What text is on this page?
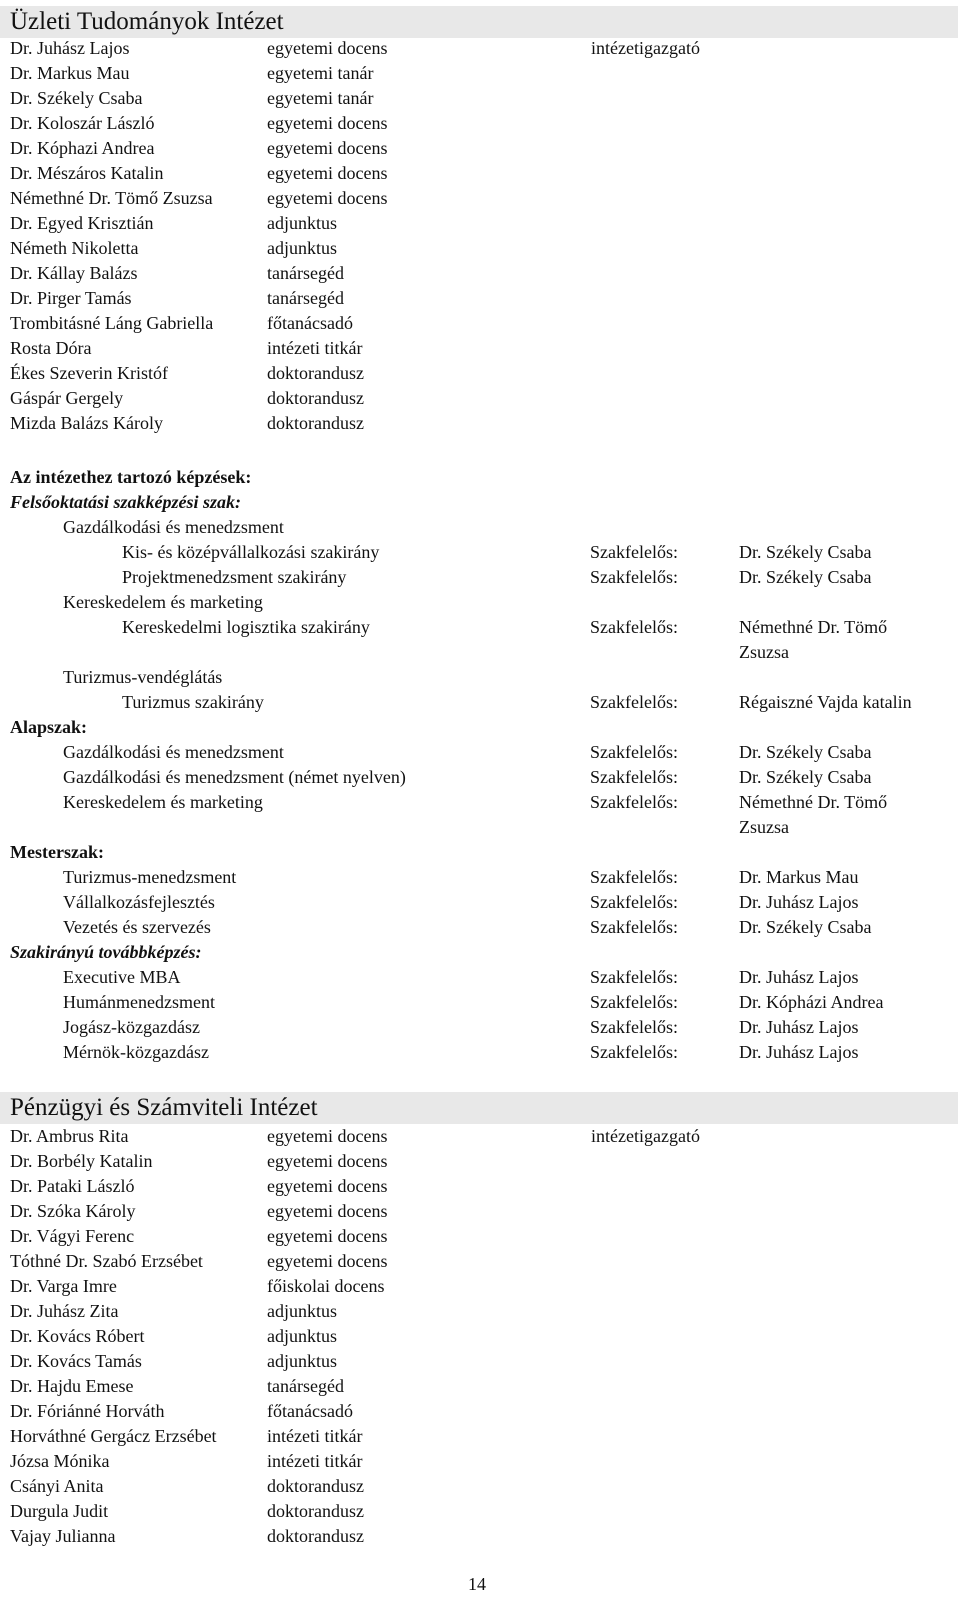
Üzleti Tudományok Intézet
Dr. Juhász Lajos	egyetemi docens	intézetigazgató
Dr. Markus Mau	egyetemi tanár
Dr. Székely Csaba	egyetemi tanár
Dr. Koloszár László	egyetemi docens
Dr. Kóphazi Andrea	egyetemi docens
Dr. Mészáros Katalin	egyetemi docens
Némethné Dr. Tömő Zsuzsa	egyetemi docens
Dr. Egyed Krisztián	adjunktus
Németh Nikoletta	adjunktus
Dr. Kállay Balázs	tanársegéd
Dr. Pirger Tamás	tanársegéd
Trombitásné Láng Gabriella	főtanácsadó
Rosta Dóra	intézeti titkár
Ékes Szeverin Kristóf	doktorandusz
Gáspár Gergely	doktorandusz
Mizda Balázs Károly	doktorandusz
Az intézethez tartozó képzések:
Felsőoktatási szakképzési szak:
Gazdálkodási és menedzsment
Kis- és középvállalkozási szakirány	Szakfelelős:	Dr. Székely Csaba
Projektmenedzsment szakirány	Szakfelelős:	Dr. Székely Csaba
Kereskedelem és marketing
Kereskedelmi logisztika szakirány	Szakfelelős:	Némethné Dr. Tömő Zsuzsa
Turizmus-vendéglátás
Turizmus szakirány	Szakfelelős:	Régaiszné Vajda katalin
Alapszak:
Gazdálkodási és menedzsment	Szakfelelős:	Dr. Székely Csaba
Gazdálkodási és menedzsment (német nyelven)	Szakfelelős:	Dr. Székely Csaba
Kereskedelem és marketing	Szakfelelős:	Némethné Dr. Tömő Zsuzsa
Mesterszak:
Turizmus-menedzsment	Szakfelelős:	Dr. Markus Mau
Vállalkozásfejlesztés	Szakfelelős:	Dr. Juhász Lajos
Vezetés és szervezés	Szakfelelős:	Dr. Székely Csaba
Szakirányú továbbképzés:
Executive MBA	Szakfelelős:	Dr. Juhász Lajos
Humánmenedzsment	Szakfelelős:	Dr. Kópházi Andrea
Jogász-közgazdász	Szakfelelős:	Dr. Juhász Lajos
Mérnök-közgazdász	Szakfelelős:	Dr. Juhász Lajos
Pénzügyi és Számviteli Intézet
Dr. Ambrus Rita	egyetemi docens	intézetigazgató
Dr. Borbély Katalin	egyetemi docens
Dr. Pataki László	egyetemi docens
Dr. Szóka Károly	egyetemi docens
Dr. Vágyi Ferenc	egyetemi docens
Tóthné Dr. Szabó Erzsébet	egyetemi docens
Dr. Varga Imre	főiskolai docens
Dr. Juhász Zita	adjunktus
Dr. Kovács Róbert	adjunktus
Dr. Kovács Tamás	adjunktus
Dr. Hajdu Emese	tanársegéd
Dr. Fóriánné Horváth	főtanácsadó
Horváthné Gergácz Erzsébet	intézeti titkár
Józsa Mónika	intézeti titkár
Csányi Anita	doktorandusz
Durgula Judit	doktorandusz
Vajay Julianna	doktorandusz
14
